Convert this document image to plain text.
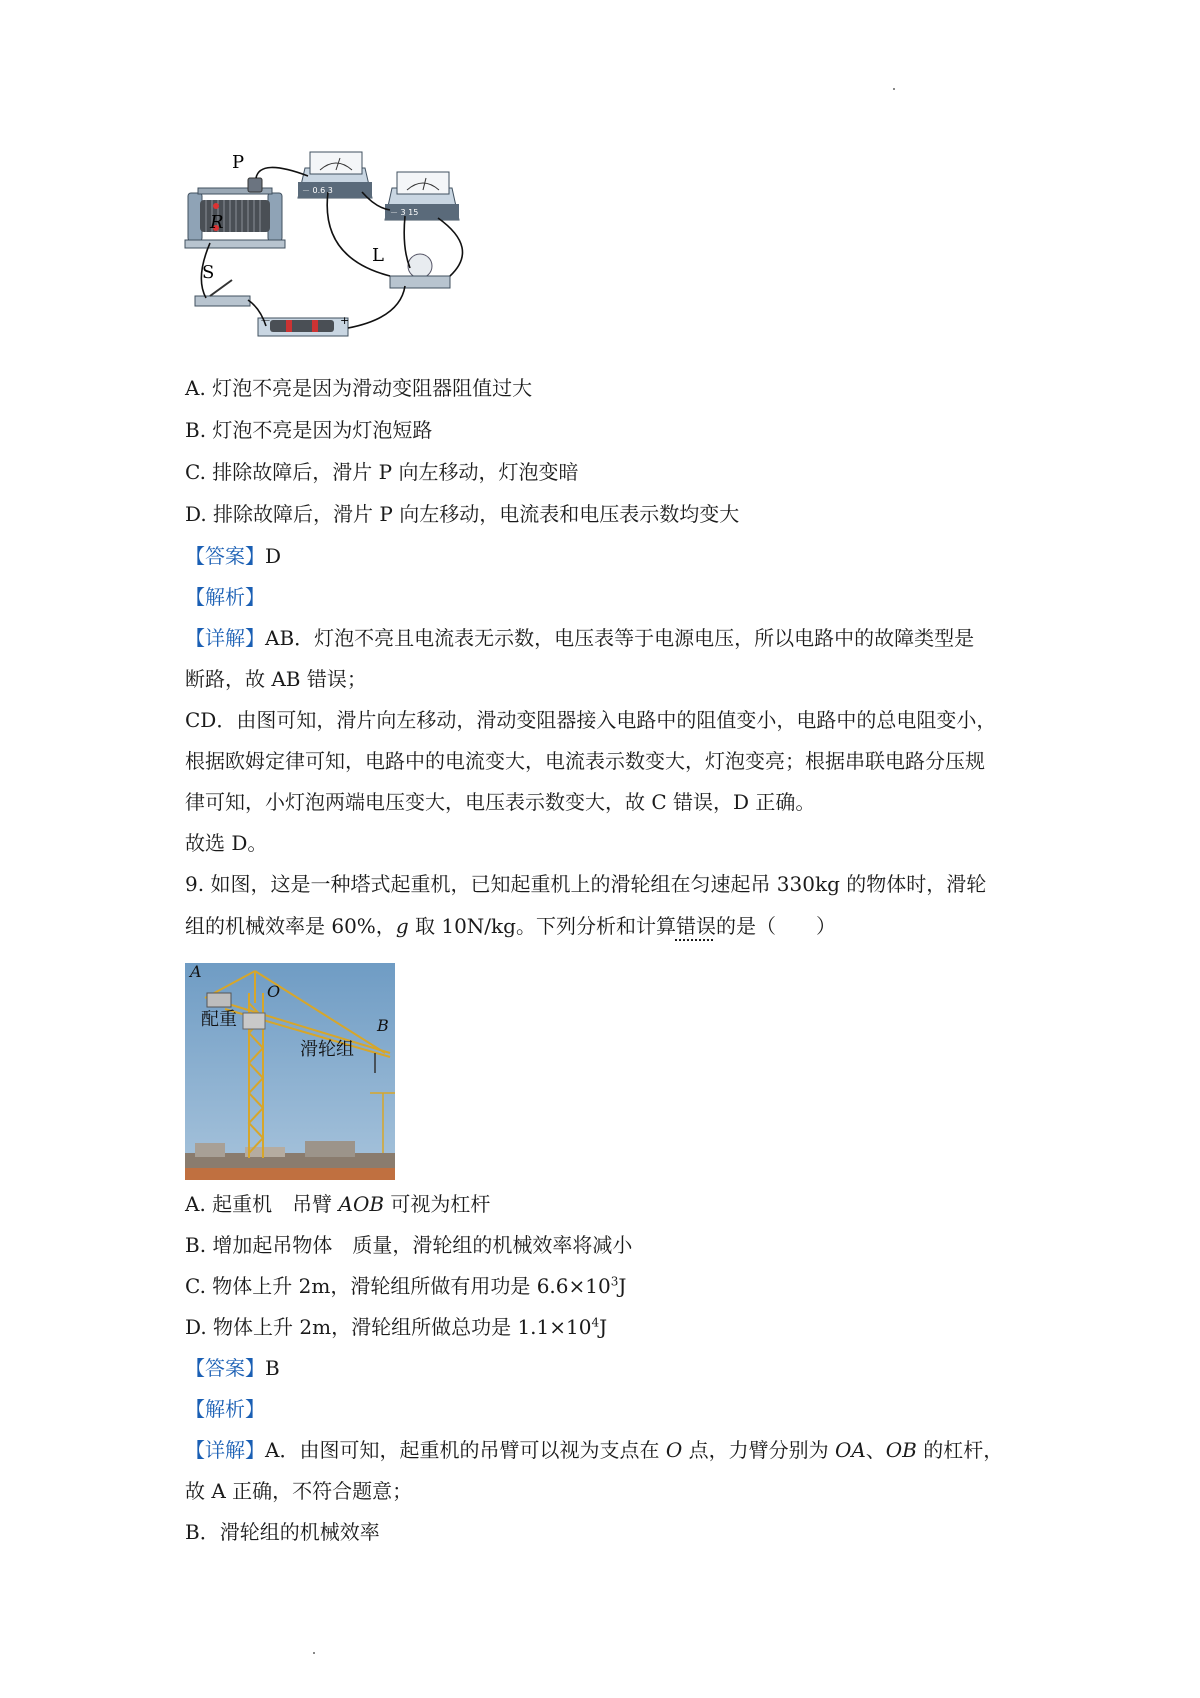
P
R
S
L
－ 0.6 3
－ 3 15
－	+
A. 灯泡不亮是因为滑动变阻器阻值过大
B. 灯泡不亮是因为灯泡短路
C. 排除故障后，滑片 P 向左移动，灯泡变暗
D. 排除故障后，滑片 P 向左移动，电流表和电压表示数均变大
【答案】D
【解析】
【详解】AB．灯泡不亮且电流表无示数，电压表等于电源电压，所以电路中的故障类型是
断路，故 AB 错误；
CD．由图可知，滑片向左移动，滑动变阻器接入电路中的阻值变小，电路中的总电阻变小，
根据欧姆定律可知，电路中的电流变大，电流表示数变大，灯泡变亮；根据串联电路分压规
律可知，小灯泡两端电压变大，电压表示数变大，故 C 错误，D 正确。
故选 D。
9. 如图，这是一种塔式起重机，已知起重机上的滑轮组在匀速起吊 330kg 的物体时，滑轮
组的机械效率是 60%，g 取 10N/kg。下列分析和计算错误的是（　　）
A
O
B
配重
滑轮组
A. 起重机　吊臂 AOB 可视为杠杆
B. 增加起吊物体　质量，滑轮组的机械效率将减小
C. 物体上升 2m，滑轮组所做有用功是 $6.6\times 10^3J$
D. 物体上升 2m，滑轮组所做总功是 $1.1\times 10^4J$
【答案】B
【解析】
【详解】A．由图可知，起重机的吊臂可以视为支点在 O 点，力臂分别为 OA、OB 的杠杆，
故 A 正确，不符合题意；
B．滑轮组的机械效率
